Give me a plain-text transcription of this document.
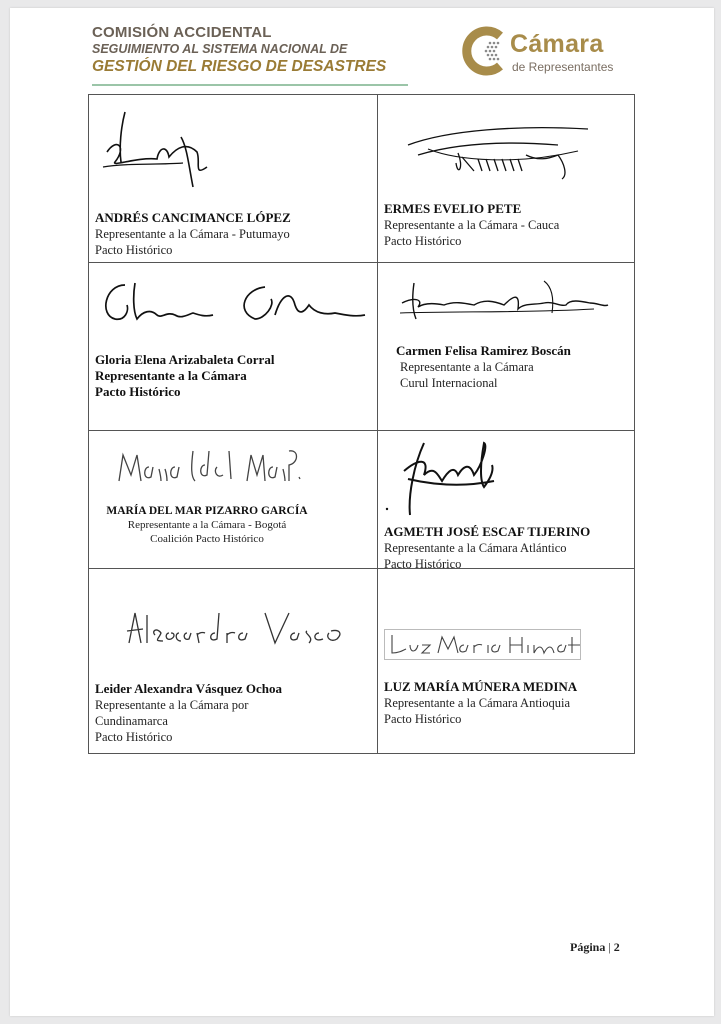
COMISIÓN ACCIDENTAL
SEGUIMIENTO AL SISTEMA NACIONAL DE
GESTIÓN DEL RIESGO DE DESASTRES
Cámara
de Representantes
ANDRÉS CANCIMANCE LÓPEZ
Representante a la Cámara - Putumayo
Pacto Histórico
ERMES EVELIO PETE
Representante a la Cámara - Cauca
Pacto Histórico
Gloria Elena Arizabaleta Corral
Representante a la Cámara
Pacto Histórico
Carmen Felisa Ramirez Boscán
Representante a la Cámara
Curul Internacional
MARÍA DEL MAR PIZARRO GARCÍA
Representante a la Cámara - Bogotá
Coalición Pacto Histórico	AGMETH JOSÉ ESCAF TIJERINO
Representante a la Cámara Atlántico
Pacto Histórico
Leider Alexandra Vásquez Ochoa
Representante a la Cámara por
Cundinamarca
Pacto Histórico
LUZ MARÍA MÚNERA MEDINA
Representante a la Cámara Antioquia
Pacto Histórico
Página | 2
